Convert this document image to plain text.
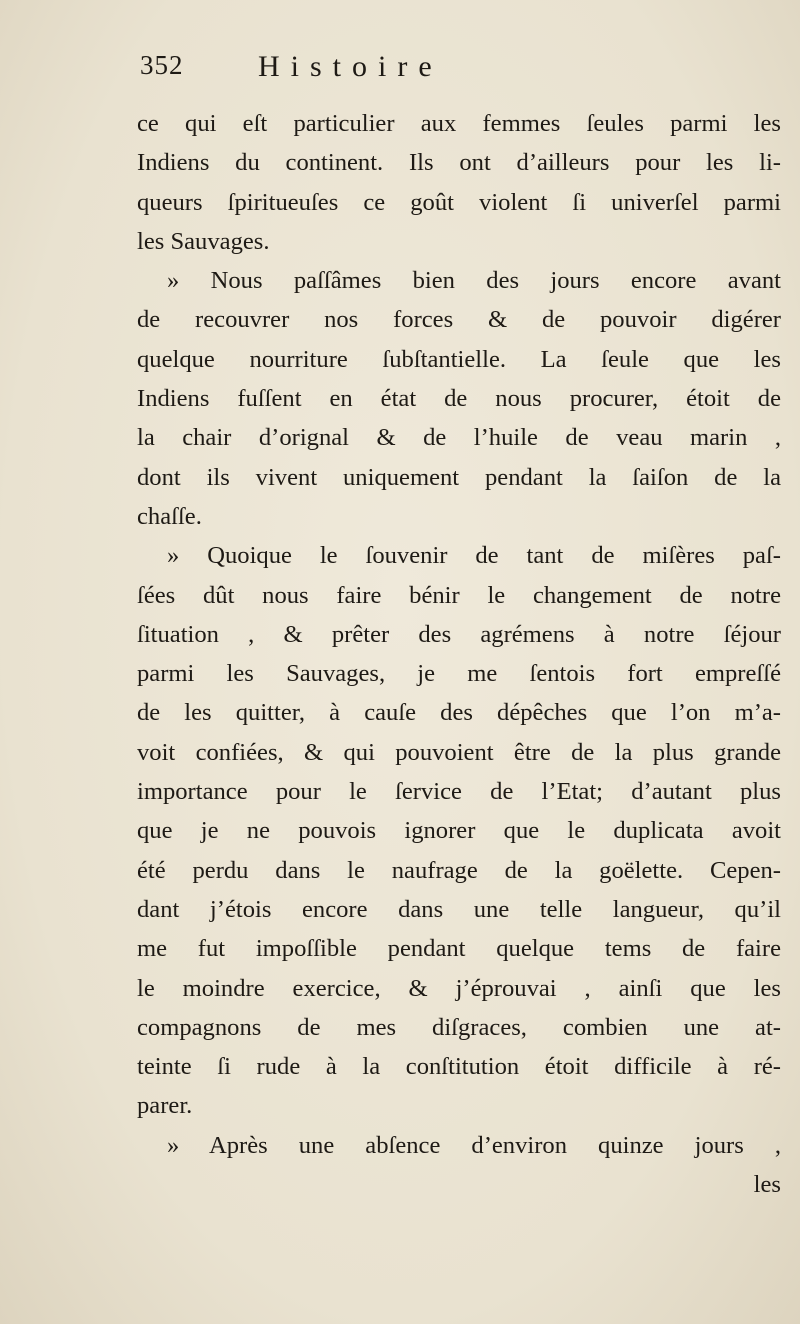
352 Histoire
ce qui eſt particulier aux femmes ſeules parmi les
Indiens du continent. Ils ont d’ailleurs pour les li-
queurs ſpiritueuſes ce goût violent ſi univerſel parmi
les Sauvages.
» Nous paſſâmes bien des jours encore avant
de recouvrer nos forces & de pouvoir digérer
quelque nourriture ſubſtantielle. La ſeule que les
Indiens fuſſent en état de nous procurer, étoit de
la chair d’orignal & de l’huile de veau marin ,
dont ils vivent uniquement pendant la ſaiſon de la
chaſſe.
» Quoique le ſouvenir de tant de miſères paſ-
ſées dût nous faire bénir le changement de notre
ſituation , & prêter des agrémens à notre ſéjour
parmi les Sauvages, je me ſentois fort empreſſé
de les quitter, à cauſe des dépêches que l’on m’a-
voit confiées, & qui pouvoient être de la plus grande
importance pour le ſervice de l’Etat; d’autant plus
que je ne pouvois ignorer que le duplicata avoit
été perdu dans le naufrage de la goëlette. Cepen-
dant j’étois encore dans une telle langueur, qu’il
me fut impoſſible pendant quelque tems de faire
le moindre exercice, & j’éprouvai , ainſi que les
compagnons de mes diſgraces, combien une at-
teinte ſi rude à la conſtitution étoit difficile à ré-
parer.
» Après une abſence d’environ quinze jours ,
les
